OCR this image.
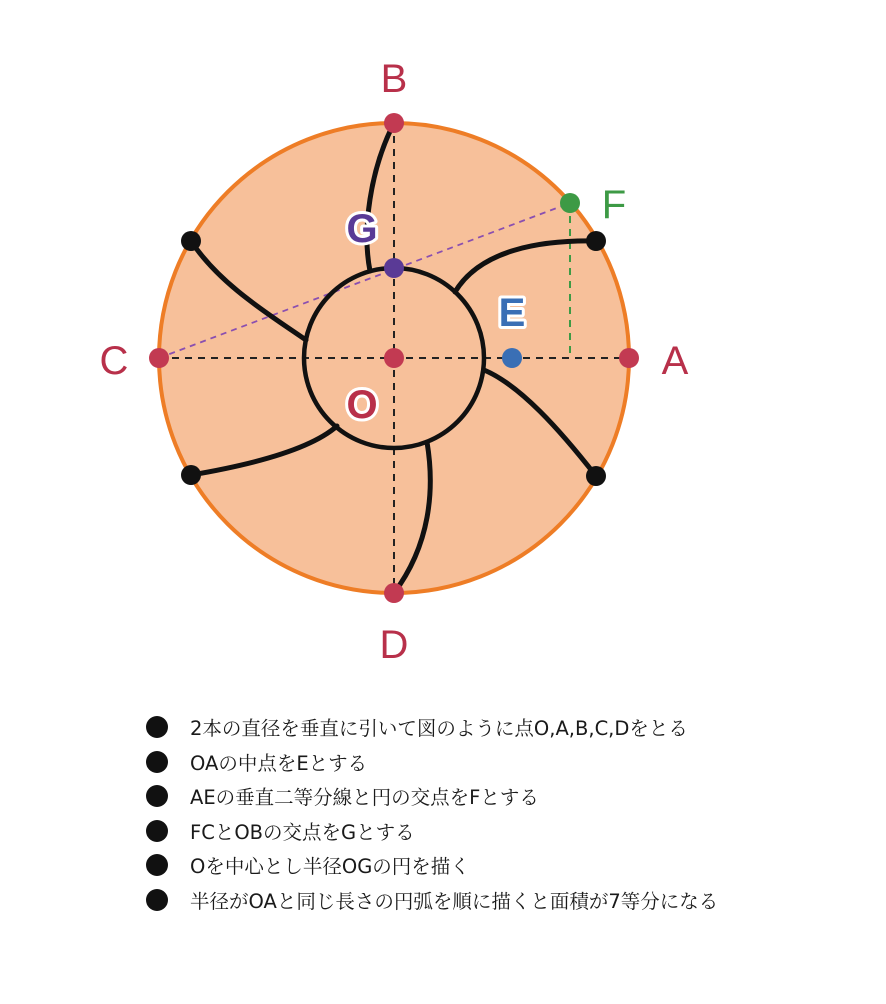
B
D
C	A
F
G
E
O
2本の直径を垂直に引いて図のように点O,A,B,C,Dをとる
OAの中点をEとする
AEの垂直二等分線と円の交点をFとする
FCとOBの交点をGとする
Oを中心とし半径OGの円を描く
半径がOAと同じ長さの円弧を順に描くと面積が7等分になる
